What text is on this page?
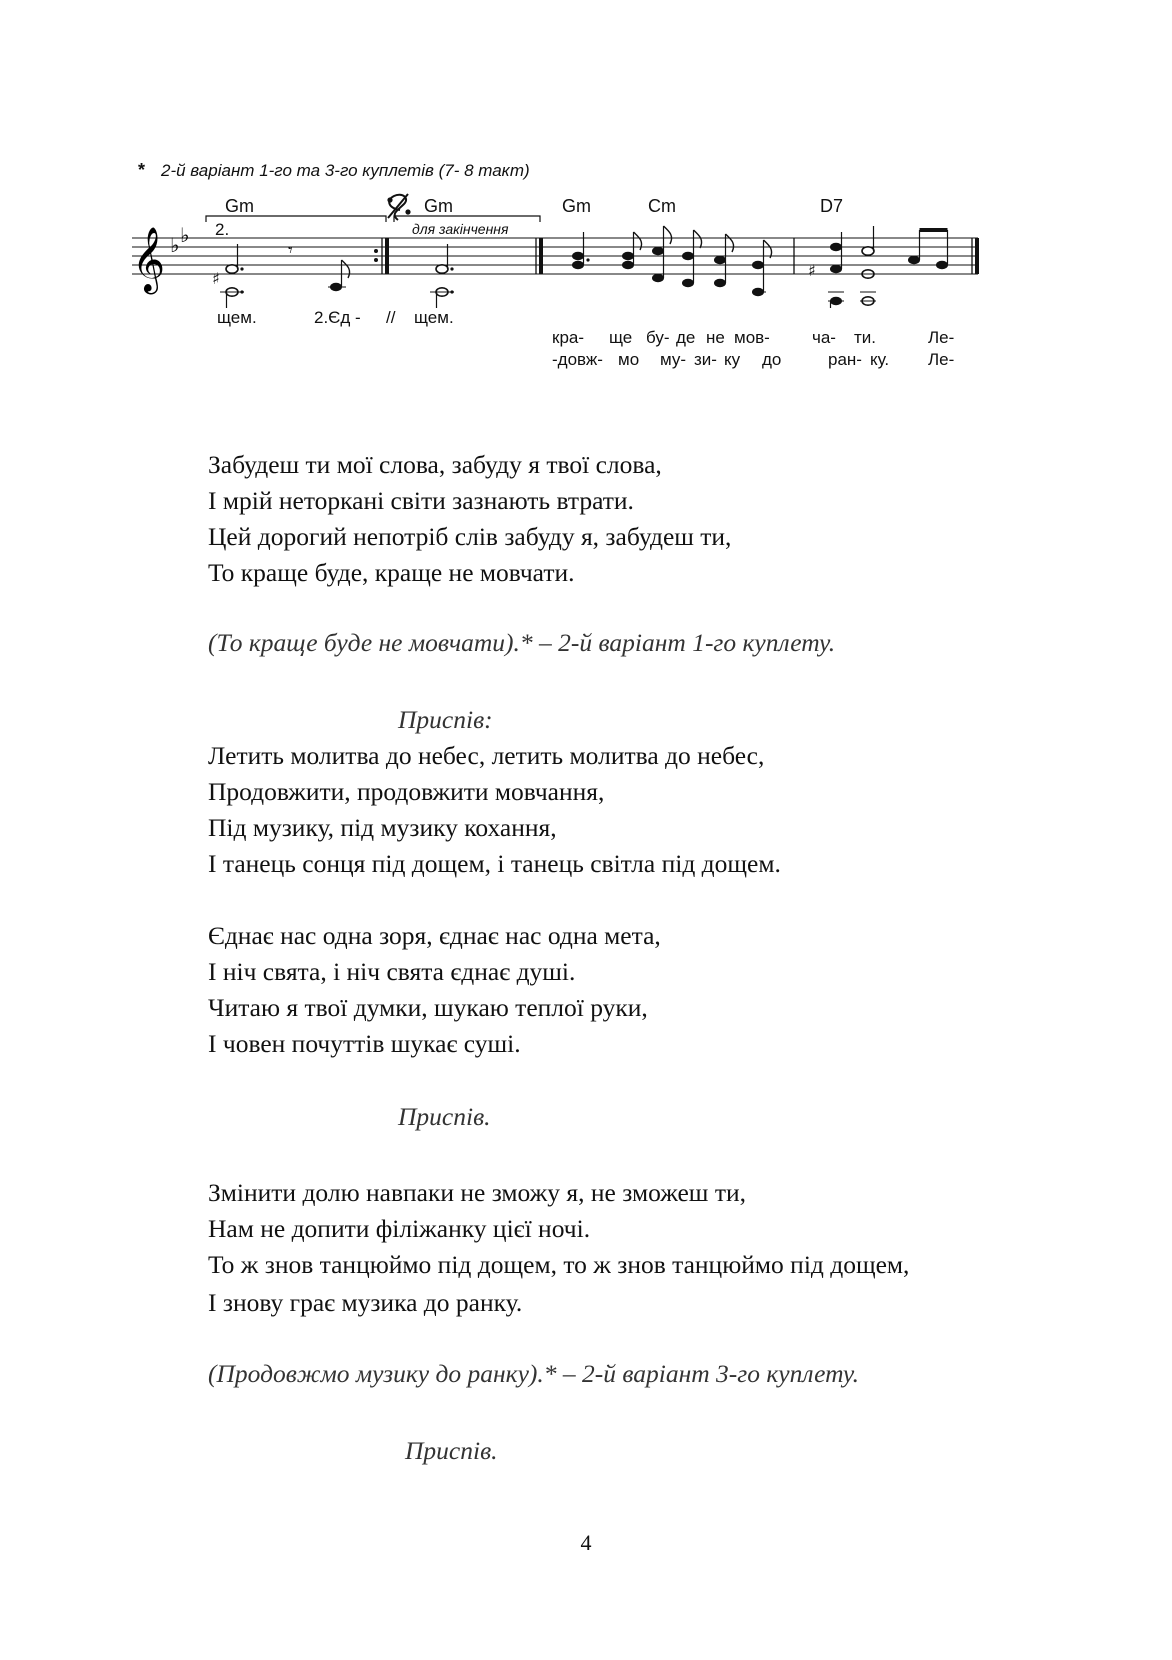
* 2-й варіант 1-го та 3-го куплетів (7- 8 такт)
Gm	Gm	Gm	Cm	D7
2.	для закінчення
𝄞 ♭ ♭
♯
𝄾
♯
щем.	2.Єд - // щем.
кра- ще бу- де не мов- ча- ти.	Ле-
-довж- мо му- зи- ку до	ран- ку. Ле-
Забудеш ти мої слова, забуду я твої слова,
І мрій неторкані світи зазнають втрати.
Цей дорогий непотріб слів забуду я, забудеш ти,
То краще буде, краще не мовчати.
(То краще буде не мовчати).* – 2-й варіант 1-го куплету.
Приспів:
Летить молитва до небес, летить молитва до небес,
Продовжити, продовжити мовчання,
Під музику, під музику кохання,
І танець сонця під дощем, і танець світла під дощем.
Єднає нас одна зоря, єднає нас одна мета,
І ніч свята, і ніч свята єднає душі.
Читаю я твої думки, шукаю теплої руки,
І човен почуттів шукає суші.
Приспів.
Змінити долю навпаки не зможу я, не зможеш ти,
Нам не допити філіжанку цієї ночі.
То ж знов танцюймо під дощем, то ж знов танцюймо під дощем,
І знову грає музика до ранку.
(Продовжмо музику до ранку).* – 2-й варіант 3-го куплету.
Приспів.
4
